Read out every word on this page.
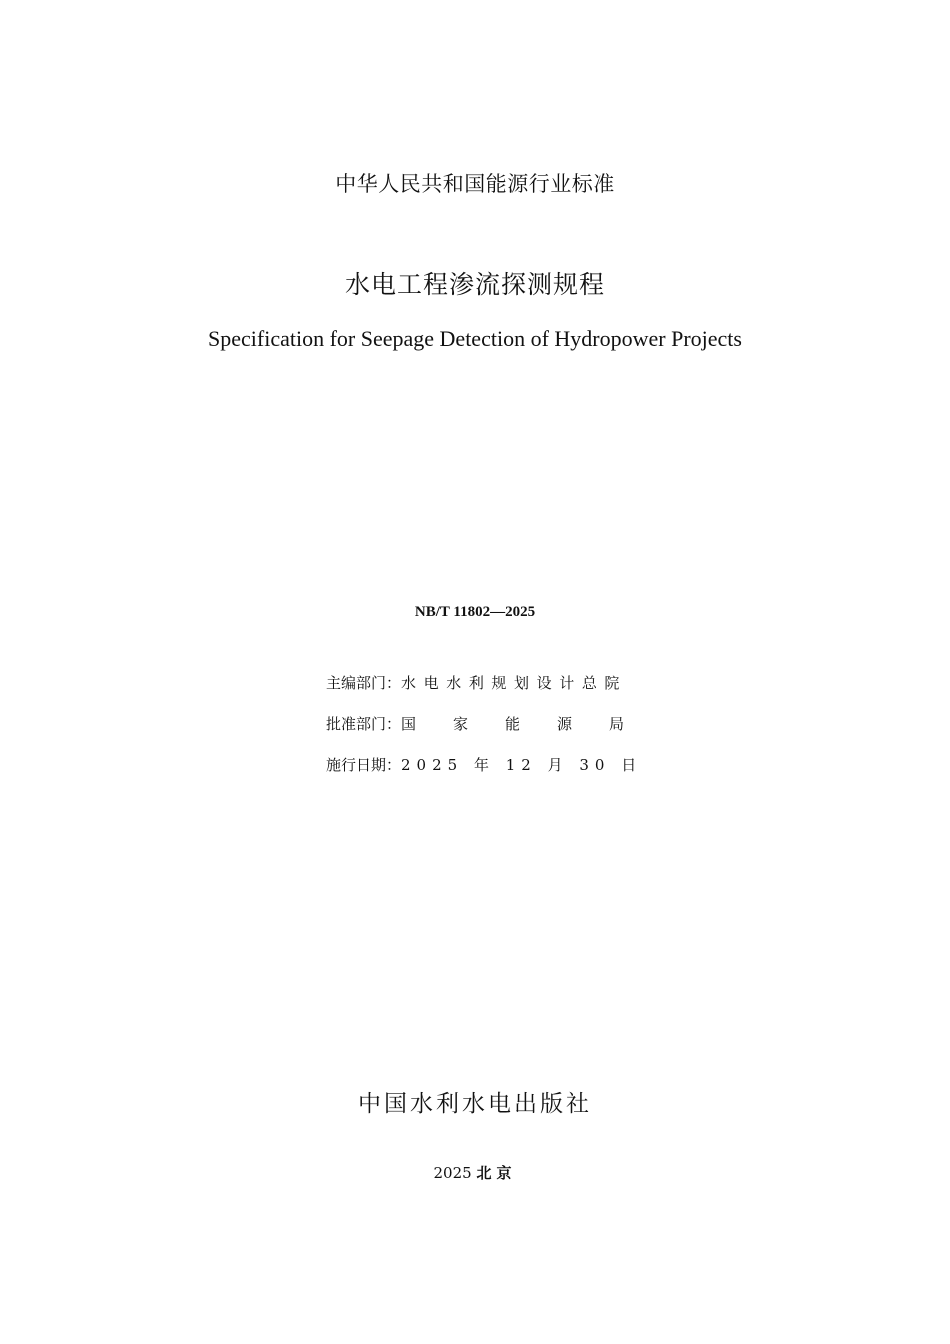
中华人民共和国能源行业标准
水电工程渗流探测规程
Specification for Seepage Detection of Hydropower Projects
NB/T 11802—2025
主编部门：水电水利规划设计总院
批准部门：国 家 能 源 局
施行日期：2025 年 12 月 30 日
中国水利水电出版社
2025 北京
